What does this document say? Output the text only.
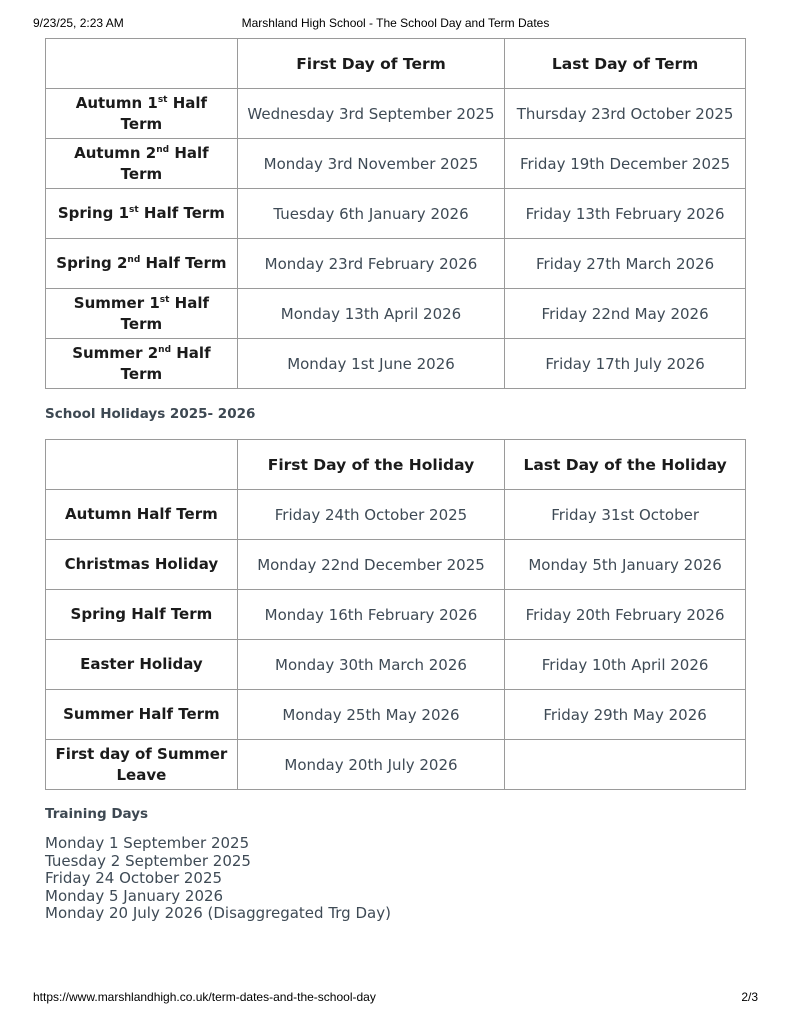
Marshland High School - The School Day and Term Dates
9/23/25, 2:23 AM
	First Day of Term	Last Day of Term
Autumn 1st Half Term	Wednesday 3rd September 2025	Thursday 23rd October 2025
Autumn 2nd Half Term	Monday 3rd November 2025	Friday 19th December 2025
Spring 1st Half Term	Tuesday 6th January 2026	Friday 13th February 2026
Spring 2nd Half Term	Monday 23rd February 2026	Friday 27th March 2026
Summer 1st Half Term	Monday 13th April 2026	Friday 22nd May 2026
Summer 2nd Half Term	Monday 1st June 2026	Friday 17th July 2026
School Holidays 2025- 2026
	First Day of the Holiday	Last Day of the Holiday
Autumn Half Term	Friday 24th October 2025	Friday 31st October
Christmas Holiday	Monday 22nd December 2025	Monday 5th January 2026
Spring Half Term	Monday 16th February 2026	Friday 20th February 2026
Easter Holiday	Monday 30th March 2026	Friday 10th April 2026
Summer Half Term	Monday 25th May 2026	Friday 29th May 2026
First day of Summer Leave	Monday 20th July 2026	
Training Days
Monday 1 September 2025
Tuesday 2 September 2025
Friday 24 October 2025
Monday 5 January 2026
Monday 20 July 2026 (Disaggregated Trg Day)
https://www.marshlandhigh.co.uk/term-dates-and-the-school-day	2/3
